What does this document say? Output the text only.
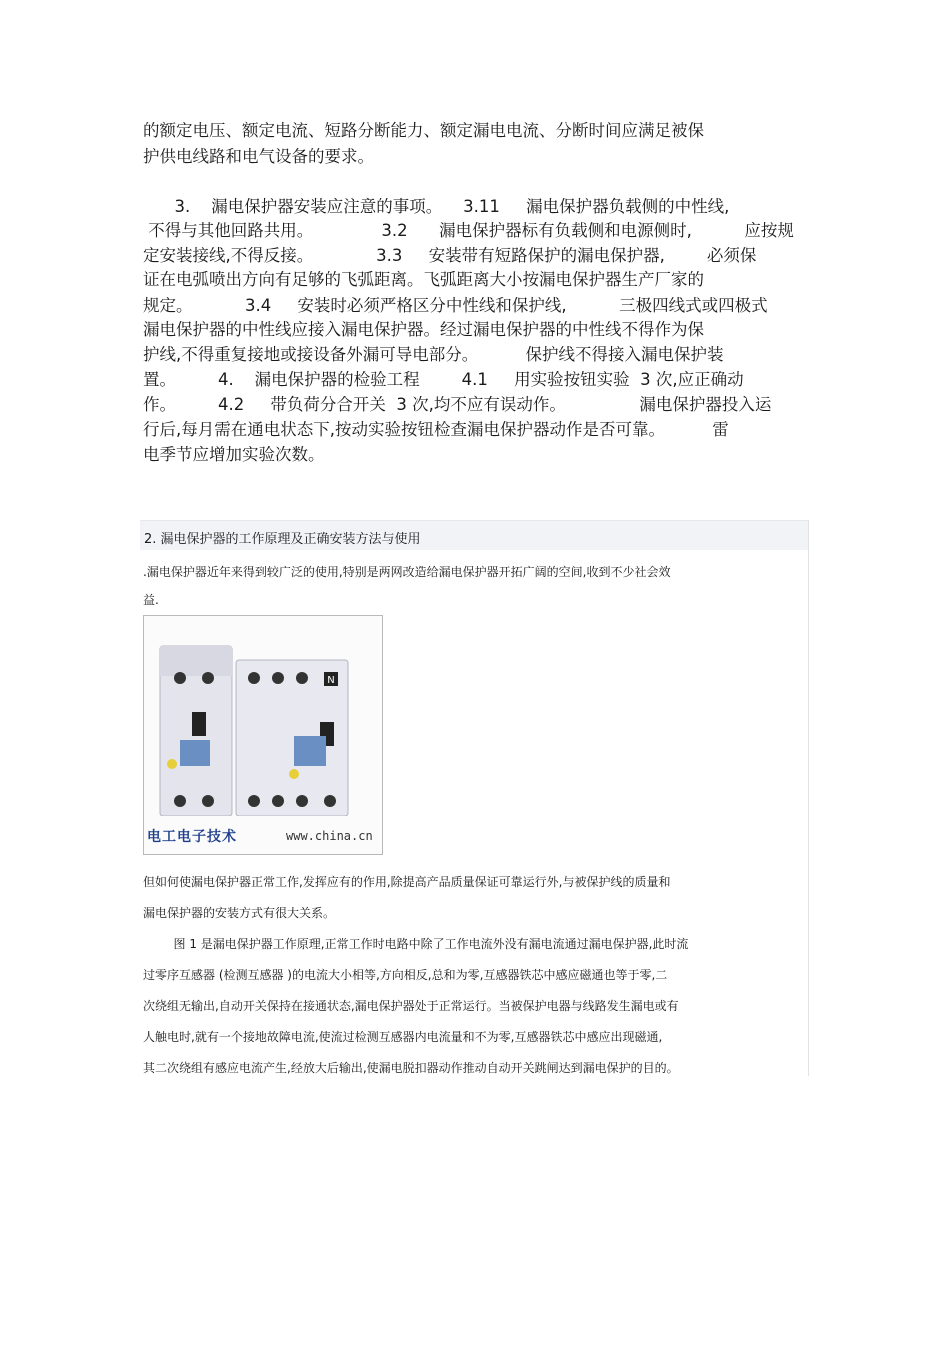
的额定电压、额定电流、短路分断能力、额定漏电电流、分断时间应满足被保
护供电线路和电气设备的要求。
3.    漏电保护器安装应注意的事项。    3.11     漏电保护器负载侧的中性线,
不得与其他回路共用。             3.2      漏电保护器标有负载侧和电源侧时,          应按规
定安装接线,不得反接。            3.3     安装带有短路保护的漏电保护器,        必须保
证在电弧喷出方向有足够的飞弧距离。飞弧距离大小按漏电保护器生产厂家的
规定。          3.4     安装时必须严格区分中性线和保护线,          三极四线式或四极式
漏电保护器的中性线应接入漏电保护器。经过漏电保护器的中性线不得作为保
护线,不得重复接地或接设备外漏可导电部分。         保护线不得接入漏电保护装
置。        4.    漏电保护器的检验工程        4.1     用实验按钮实验  3 次,应正确动
作。        4.2     带负荷分合开关  3 次,均不应有误动作。              漏电保护器投入运
行后,每月需在通电状态下,按动实验按钮检查漏电保护器动作是否可靠。         雷
电季节应增加实验次数。
2. 漏电保护器的工作原理及正确安装方法与使用
.漏电保护器近年来得到较广泛的使用,特别是两网改造给漏电保护器开拓广阔的空间,收到不少社会效
益.
N
电工电子技术	www.china.cn
但如何使漏电保护器正常工作,发挥应有的作用,除提高产品质量保证可靠运行外,与被保护线的质量和
漏电保护器的安装方式有很大关系。
图 1 是漏电保护器工作原理,正常工作时电路中除了工作电流外没有漏电流通过漏电保护器,此时流
过零序互感器 (检测互感器 )的电流大小相等,方向相反,总和为零,互感器铁芯中感应磁通也等于零,二
次绕组无输出,自动开关保持在接通状态,漏电保护器处于正常运行。当被保护电器与线路发生漏电或有
人触电时,就有一个接地故障电流,使流过检测互感器内电流量和不为零,互感器铁芯中感应出现磁通,
其二次绕组有感应电流产生,经放大后输出,使漏电脱扣器动作推动自动开关跳闸达到漏电保护的目的。
